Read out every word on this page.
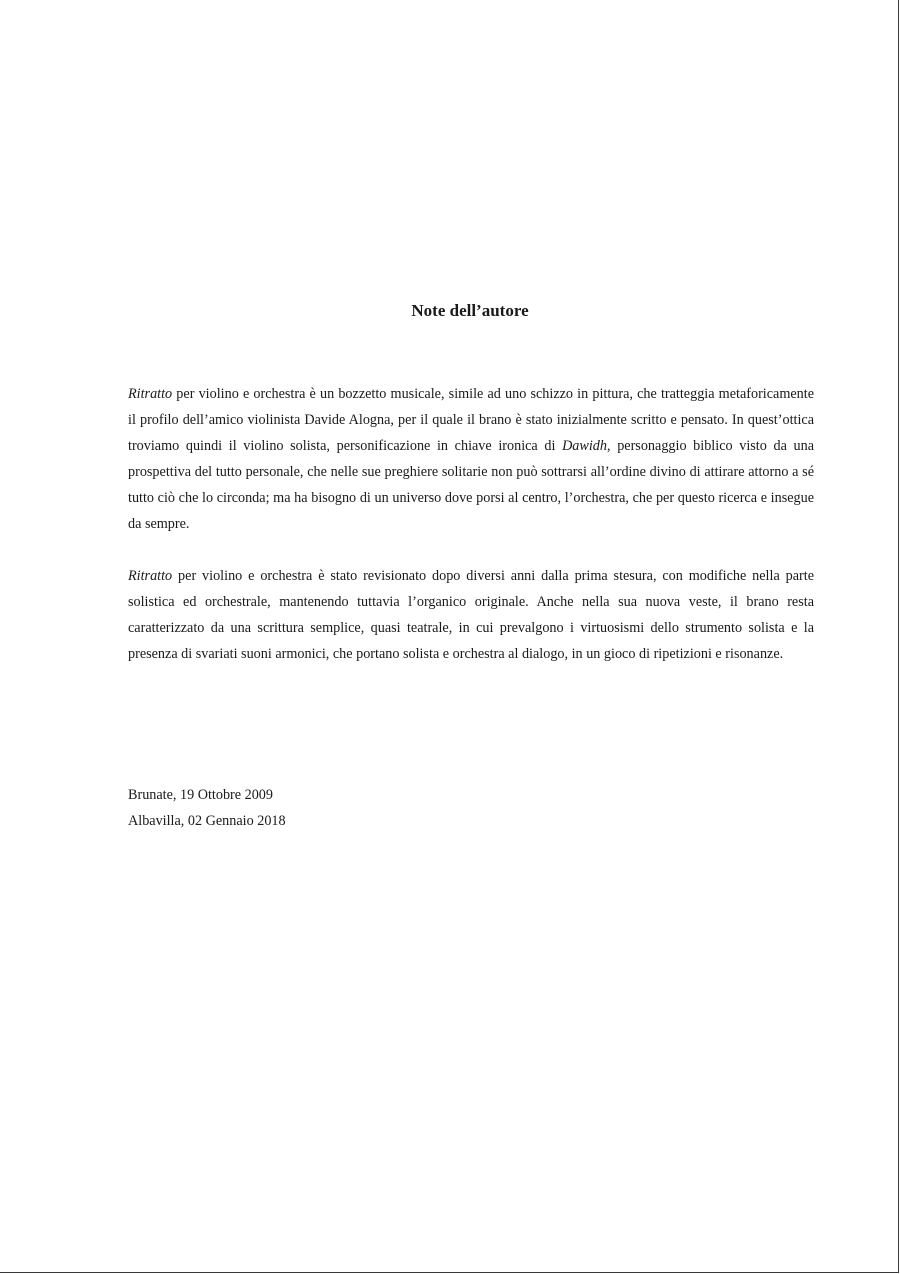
Note dell’autore

Ritratto per violino e orchestra è un bozzetto musicale, simile ad uno schizzo in pittura, che tratteggia metaforicamente il profilo dell’amico violinista Davide Alogna, per il quale il brano è stato inizialmente scritto e pensato. In quest’ottica troviamo quindi il violino solista, personificazione in chiave ironica di Dawidh, personaggio biblico visto da una prospettiva del tutto personale, che nelle sue preghiere solitarie non può sottrarsi all’ordine divino di attirare attorno a sé tutto ciò che lo circonda; ma ha bisogno di un universo dove porsi al centro, l’orchestra, che per questo ricerca e insegue da sempre.

Ritratto per violino e orchestra è stato revisionato dopo diversi anni dalla prima stesura, con modifiche nella parte solistica ed orchestrale, mantenendo tuttavia l’organico originale. Anche nella sua nuova veste, il brano resta caratterizzato da una scrittura semplice, quasi teatrale, in cui prevalgono i virtuosismi dello strumento solista e la presenza di svariati suoni armonici, che portano solista e orchestra al dialogo, in un gioco di ripetizioni e risonanze.

Brunate, 19 Ottobre 2009
Albavilla, 02 Gennaio 2018
